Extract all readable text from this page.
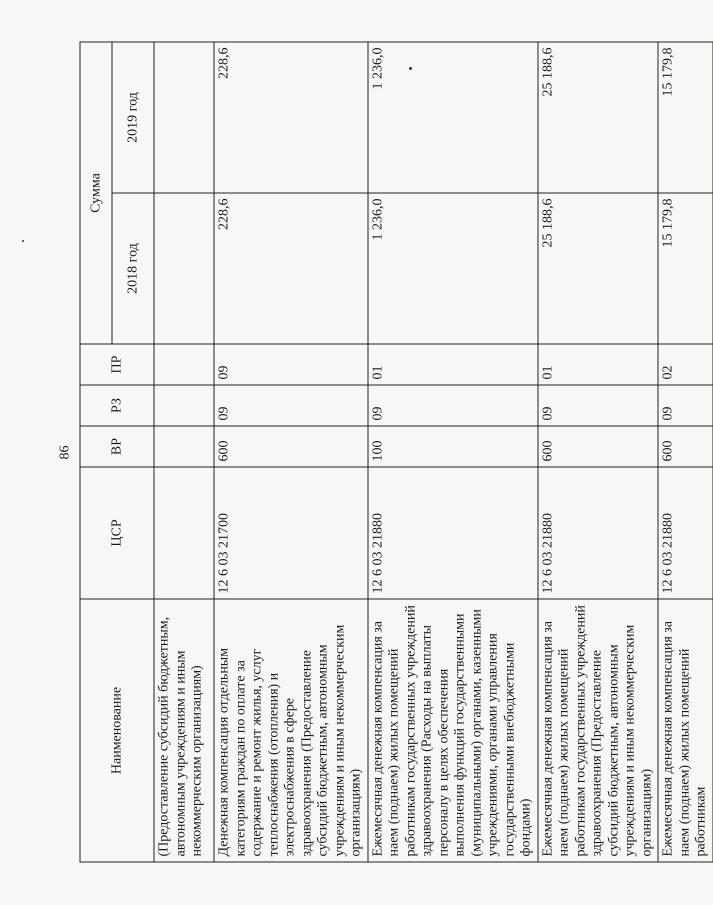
86
Наименование	ЦСР	ВР	РЗ	ПР	Сумма	
					2018 год	2019 год
(Предоставление субсидий бюджетным, автономным учреждениям и иным некоммерческим организациям)						
Денежная компенсация отдельным категориям граждан по оплате за содержание и ремонт жилья, услуг теплоснабжения (отопления) и электроснабжения в сфере здравоохранения (Предоставление субсидий бюджетным, автономным учреждениям и иным некоммерческим организациям)	12 6 03 21700	600	09	09	228,6	228,6
Ежемесячная денежная компенсация за наем (поднаем) жилых помещений работникам государственных учреждений здравоохранения (Расходы на выплаты персоналу в целях обеспечения выполнения функций государственными (муниципальными) органами, казенными учреждениями, органами управления государственными внебюджетными фондами)	12 6 03 21880	100	09	01	1 236,0	1 236,0
Ежемесячная денежная компенсация за наем (поднаем) жилых помещений работникам государственных учреждений здравоохранения (Предоставление субсидий бюджетным, автономным учреждениям и иным некоммерческим организациям)	12 6 03 21880	600	09	01	25 188,6	25 188,6
Ежемесячная денежная компенсация за наем (поднаем) жилых помещений работникам	12 6 03 21880	600	09	02	15 179,8	15 179,8
